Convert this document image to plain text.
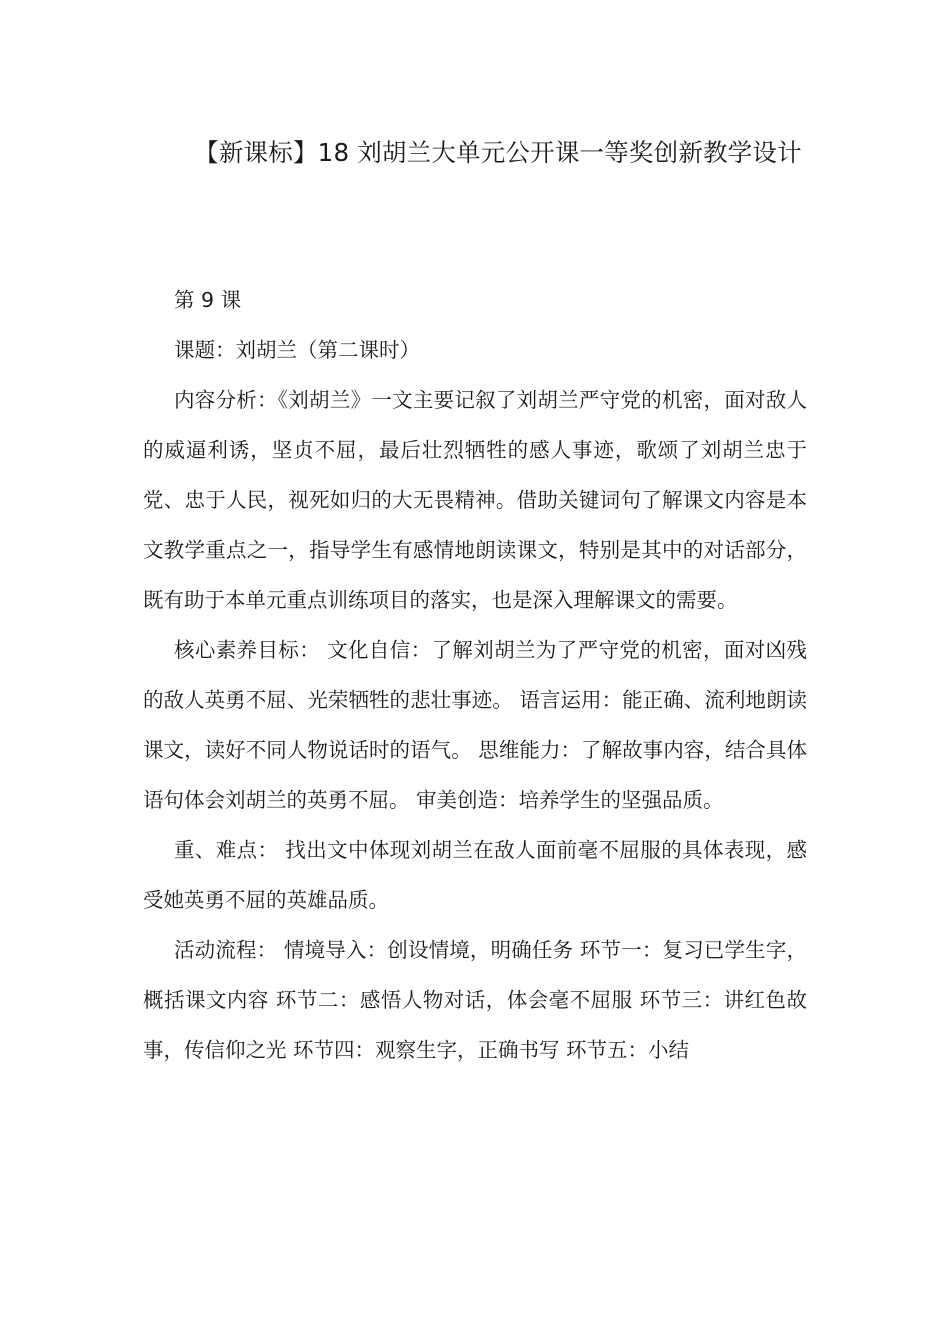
【新课标】18 刘胡兰大单元公开课一等奖创新教学设计

第 9 课

课题：刘胡兰（第二课时）

内容分析：《刘胡兰》一文主要记叙了刘胡兰严守党的机密，面对敌人的威逼利诱，坚贞不屈，最后壮烈牺牲的感人事迹，歌颂了刘胡兰忠于党、忠于人民，视死如归的大无畏精神。借助关键词句了解课文内容是本文教学重点之一，指导学生有感情地朗读课文，特别是其中的对话部分，既有助于本单元重点训练项目的落实，也是深入理解课文的需要。

核心素养目标： 文化自信：了解刘胡兰为了严守党的机密，面对凶残的敌人英勇不屈、光荣牺牲的悲壮事迹。 语言运用：能正确、流利地朗读课文，读好不同人物说话时的语气。 思维能力：了解故事内容，结合具体语句体会刘胡兰的英勇不屈。 审美创造：培养学生的坚强品质。

重、难点： 找出文中体现刘胡兰在敌人面前毫不屈服的具体表现，感受她英勇不屈的英雄品质。

活动流程： 情境导入：创设情境，明确任务 环节一：复习已学生字，概括课文内容 环节二：感悟人物对话，体会毫不屈服 环节三：讲红色故事，传信仰之光 环节四：观察生字，正确书写 环节五：小结
